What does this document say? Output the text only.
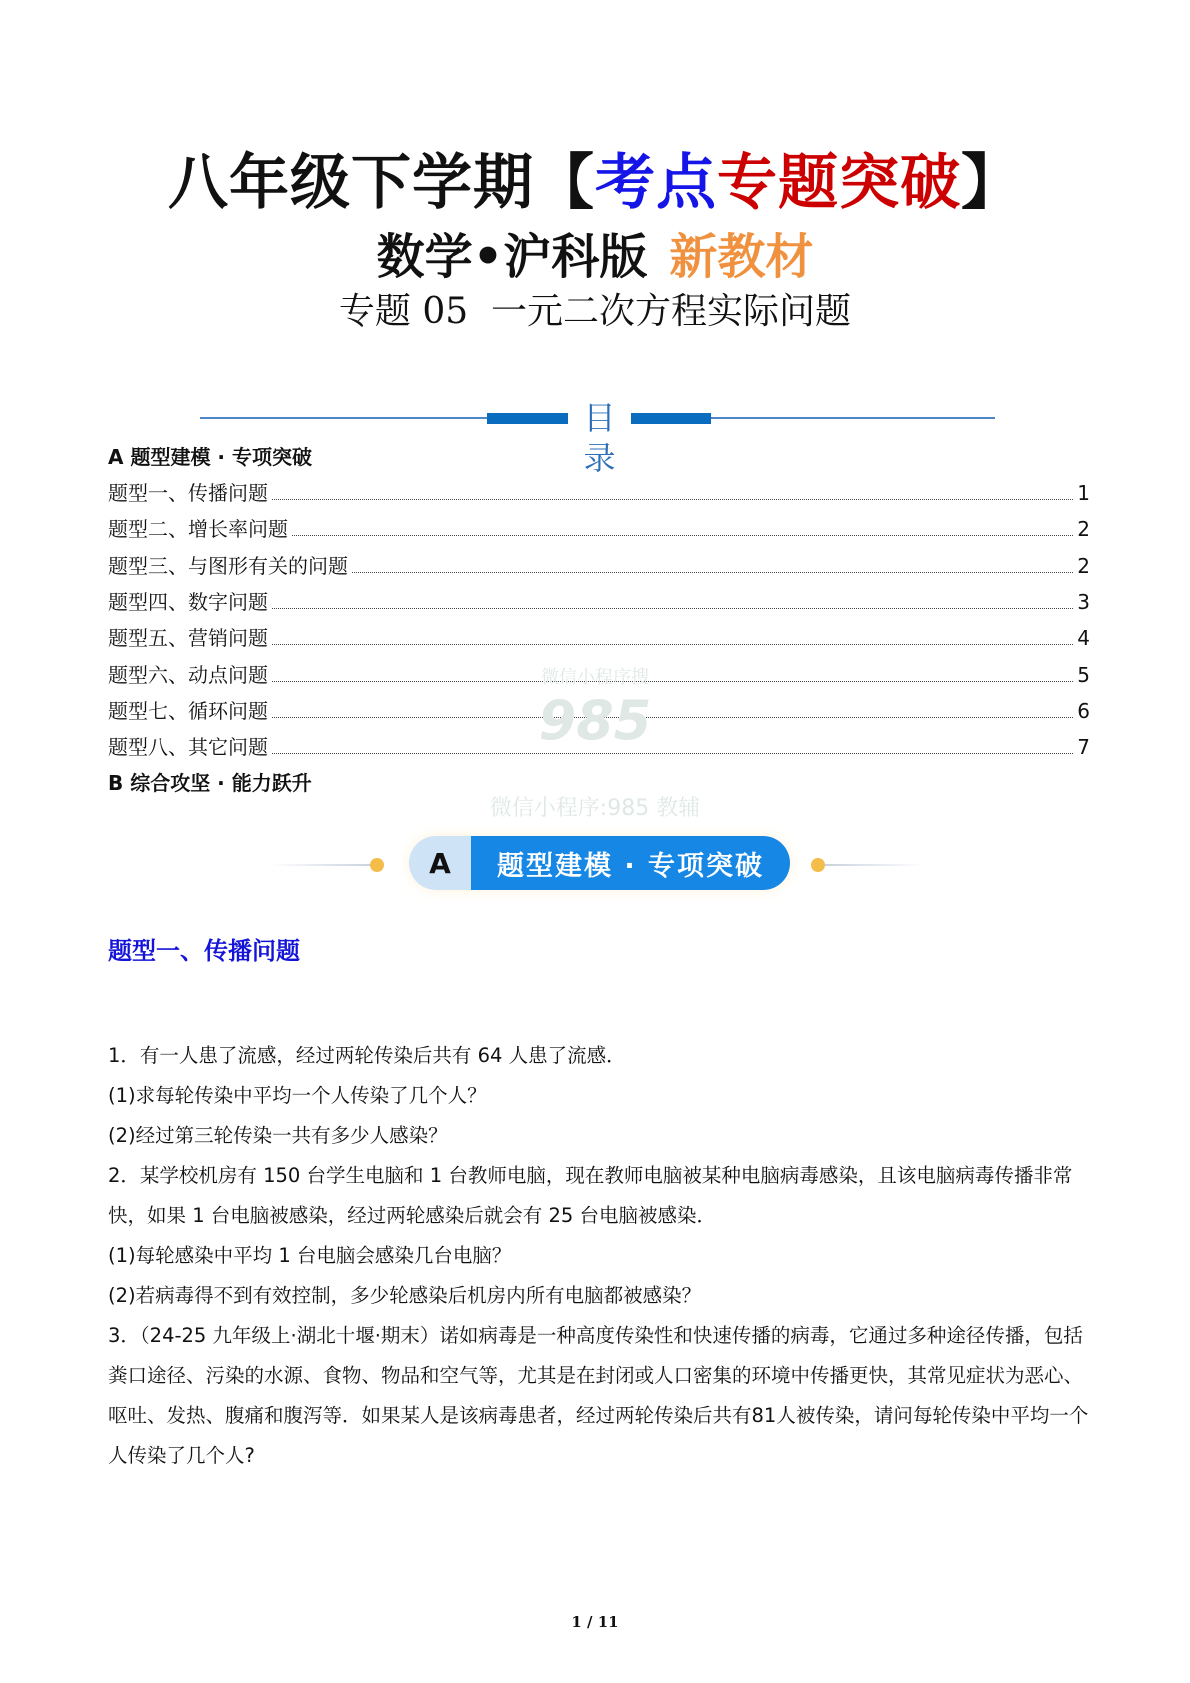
八年级下学期【考点专题突破】
数学•沪科版 新教材
专题 05  一元二次方程实际问题
目录
A 题型建模 · 专项突破
题型一、传播问题	1
题型二、增长率问题	2
题型三、与图形有关的问题	2
题型四、数字问题	3
题型五、营销问题	4
题型六、动点问题	5
题型七、循环问题	6
题型八、其它问题	7
B 综合攻坚 · 能力跃升
微信小程序搜
985
微信小程序:985 教辅
A	题型建模 · 专项突破
题型一、传播问题

1．有一人患了流感，经过两轮传染后共有 64 人患了流感．

(1)求每轮传染中平均一个人传染了几个人？

(2)经过第三轮传染一共有多少人感染？

2．某学校机房有 150 台学生电脑和 1 台教师电脑，现在教师电脑被某种电脑病毒感染，且该电脑病毒传播非常快，如果 1 台电脑被感染，经过两轮感染后就会有 25 台电脑被感染．

(1)每轮感染中平均 1 台电脑会感染几台电脑？

(2)若病毒得不到有效控制，多少轮感染后机房内所有电脑都被感染？

3．（24-25 九年级上·湖北十堰·期末）诺如病毒是一种高度传染性和快速传播的病毒，它通过多种途径传播，包括粪口途径、污染的水源、食物、物品和空气等，尤其是在封闭或人口密集的环境中传播更快，其常见症状为恶心、呕吐、发热、腹痛和腹泻等．如果某人是该病毒患者，经过两轮传染后共有81人被传染，请问每轮传染中平均一个人传染了几个人?

1 / 11
